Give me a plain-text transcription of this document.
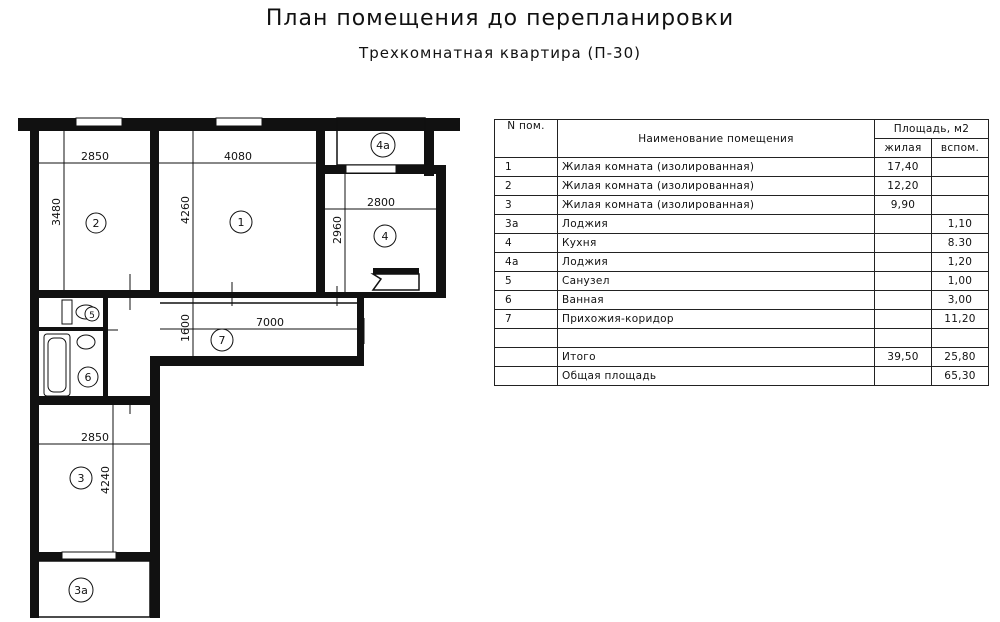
План помещения до перепланировки
Трехкомнатная квартира (П-30)
2850
3480
4080
4260	2800
2960
7000
1600
2850
4240
2	1
4
4а
7
6
5
3
3а
N пом.	Наименование помещения	Площадь, м2	
		жилая	вспом.
1	Жилая комната (изолированная)	17,40	
2	Жилая комната (изолированная)	12,20	
3	Жилая комната (изолированная)	9,90	
3а	Лоджия		1,10
4	Кухня		8.30
4а	Лоджия		1,20
5	Санузел		1,00
6	Ванная		3,00
7	Прихожия-коридор		11,20

	Итого	39,50	25,80
	Общая площадь		65,30
